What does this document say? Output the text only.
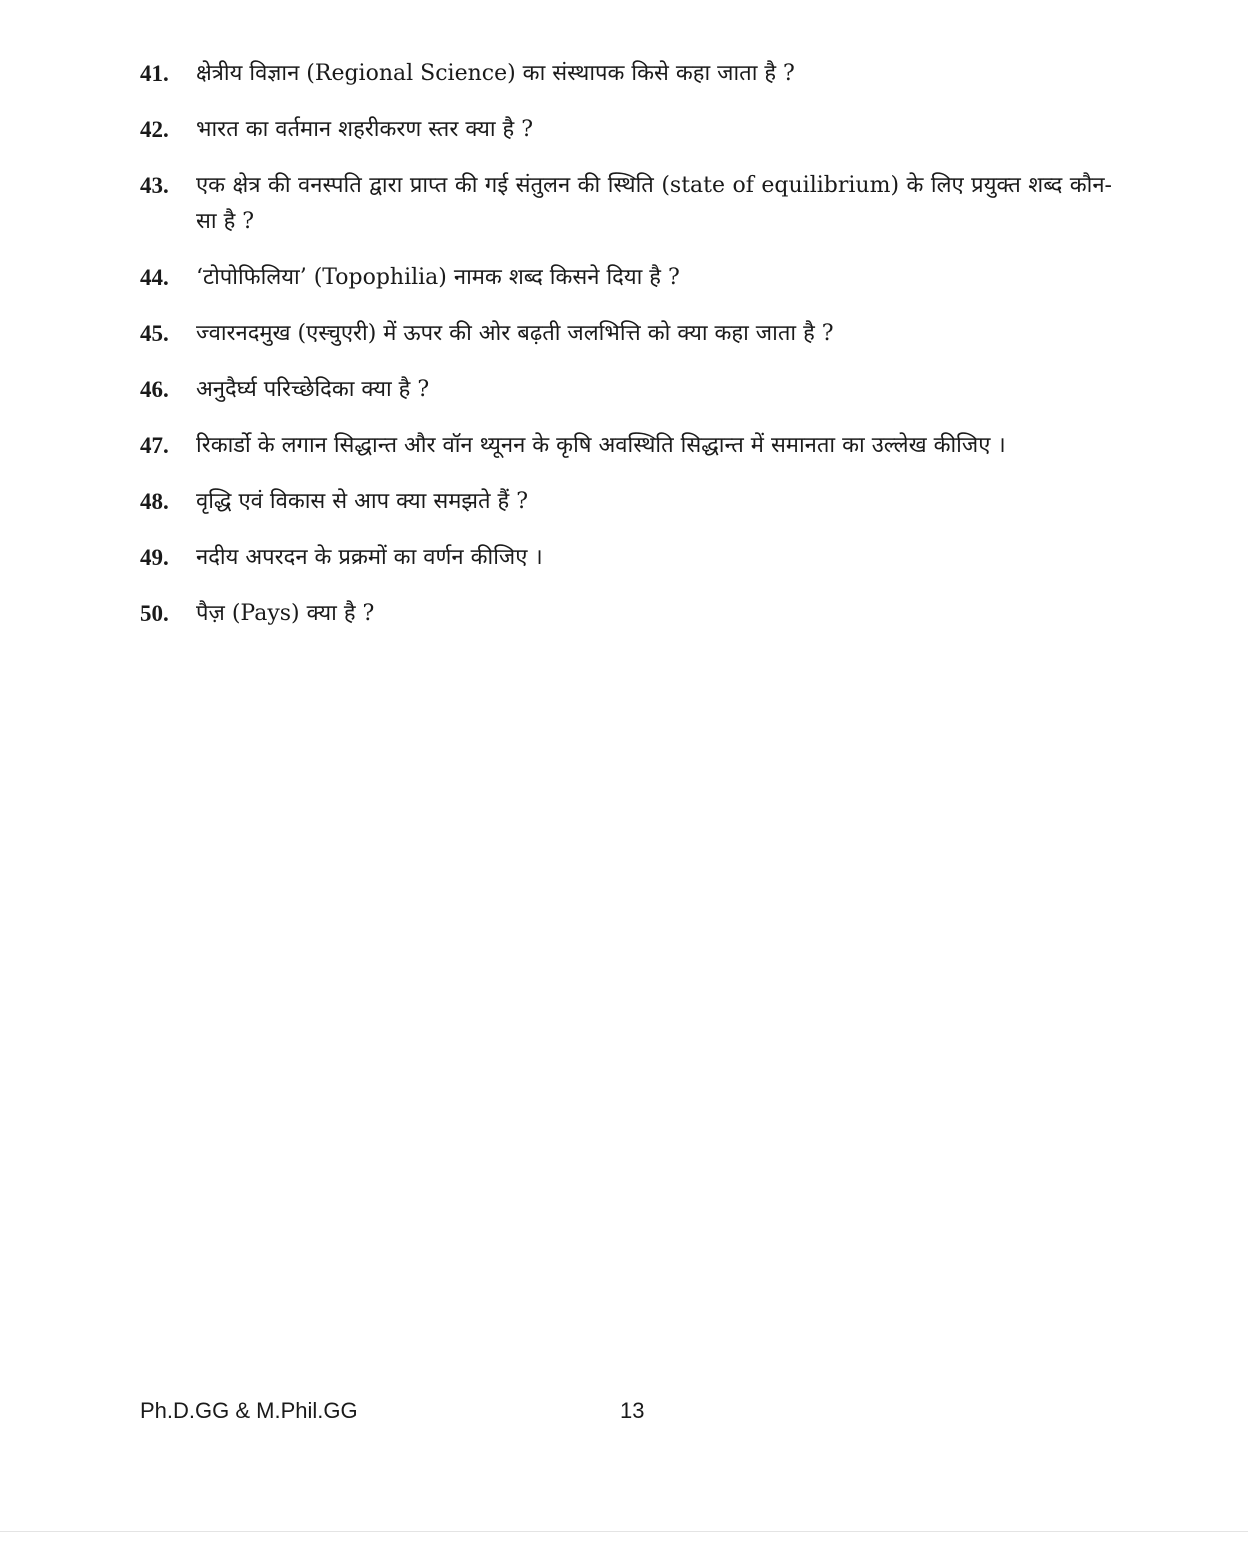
41.	क्षेत्रीय विज्ञान (Regional Science) का संस्थापक किसे कहा जाता है ?
42.	भारत का वर्तमान शहरीकरण स्तर क्या है ?
43.	एक क्षेत्र की वनस्पति द्वारा प्राप्त की गई संतुलन की स्थिति (state of equilibrium) के लिए प्रयुक्त शब्द कौन-सा है ?
44.	‘टोपोफिलिया’ (Topophilia) नामक शब्द किसने दिया है ?
45.	ज्वारनदमुख (एस्चुएरी) में ऊपर की ओर बढ़ती जलभित्ति को क्या कहा जाता है ?
46.	अनुदैर्घ्य परिच्छेदिका क्या है ?
47.	रिकार्डो के लगान सिद्धान्त और वॉन थ्यूनन के कृषि अवस्थिति सिद्धान्त में समानता का उल्लेख कीजिए ।
48.	वृद्धि एवं विकास से आप क्या समझते हैं ?
49.	नदीय अपरदन के प्रक्रमों का वर्णन कीजिए ।
50.	पैज़ (Pays) क्या है ?
Ph.D.GG & M.Phil.GG	13
